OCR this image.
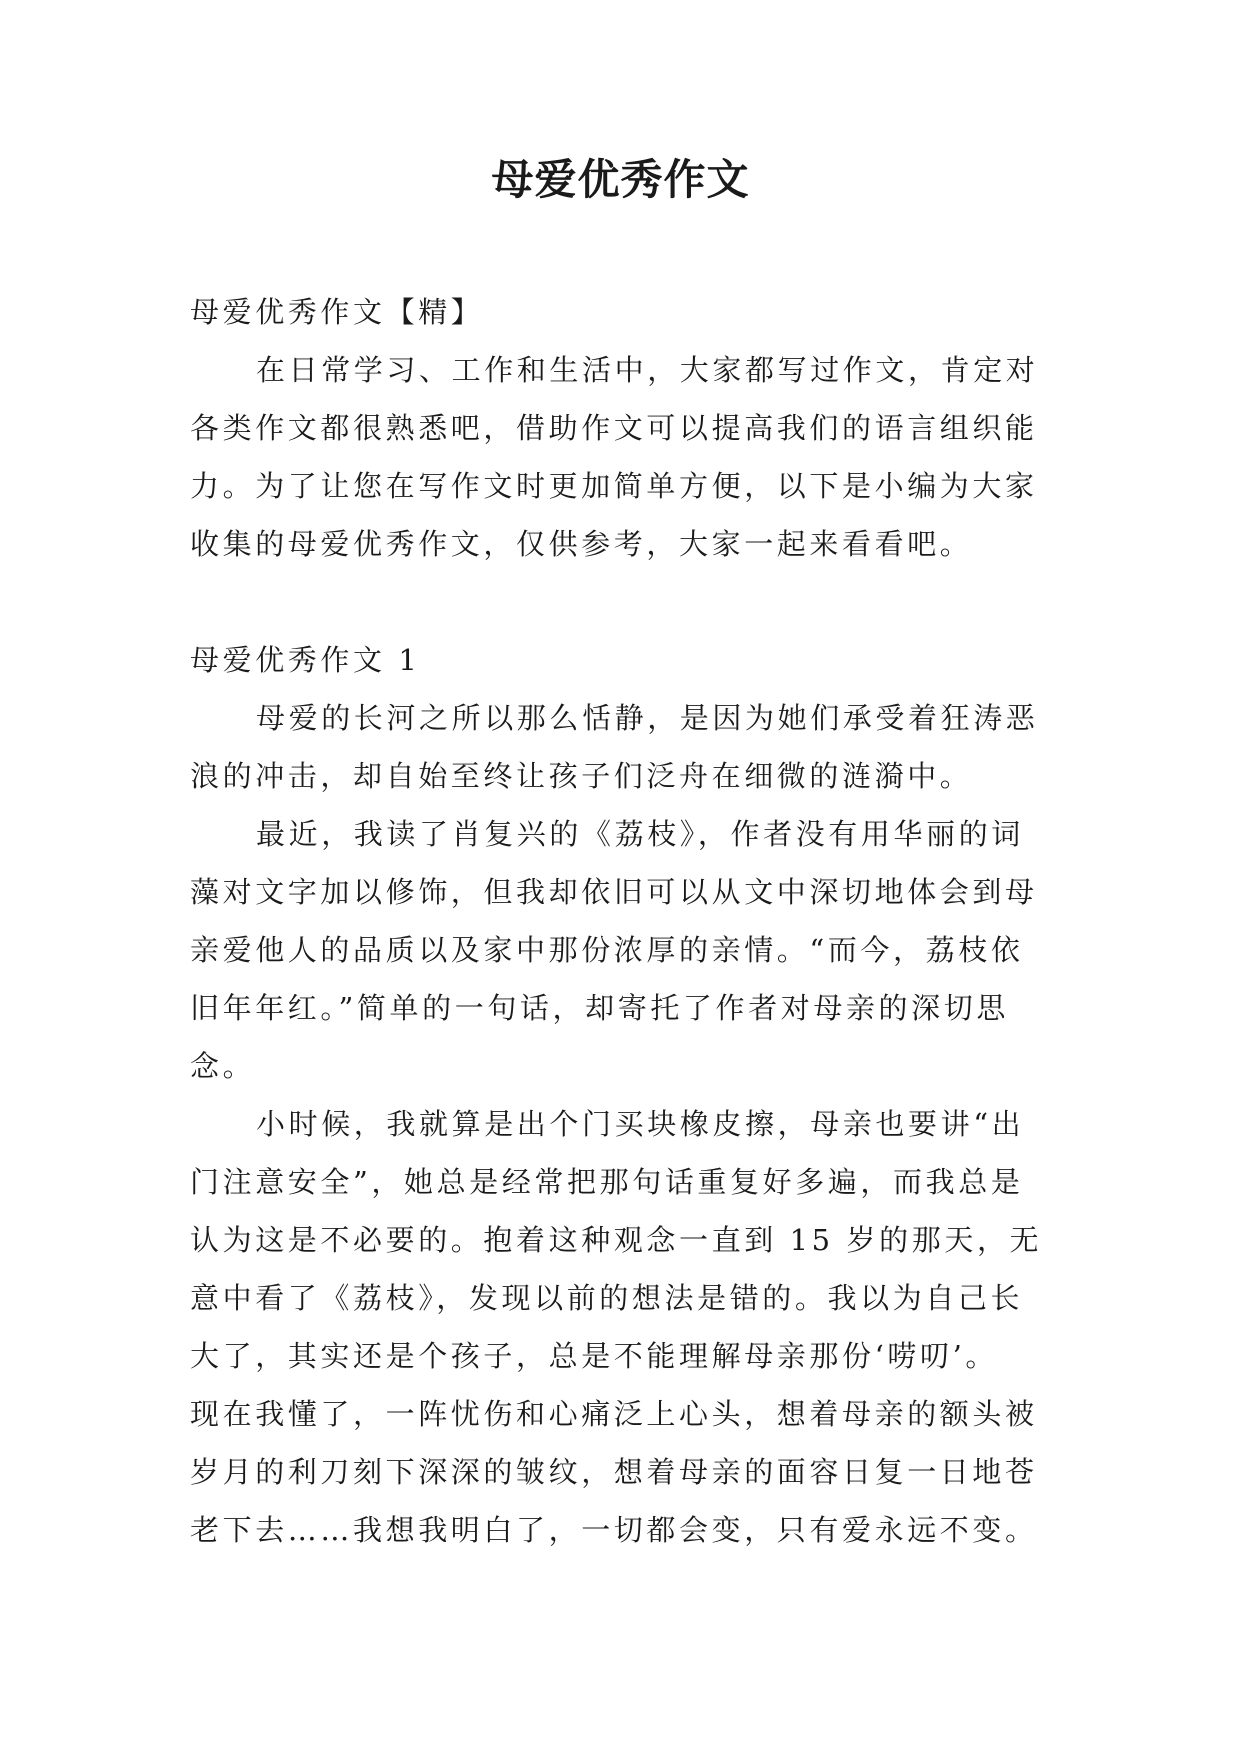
母爱优秀作文
母爱优秀作文【精】
在日常学习、工作和生活中，大家都写过作文，肯定对
各类作文都很熟悉吧，借助作文可以提高我们的语言组织能
力。为了让您在写作文时更加简单方便，以下是小编为大家
收集的母爱优秀作文，仅供参考，大家一起来看看吧。
母爱优秀作文 1
母爱的长河之所以那么恬静，是因为她们承受着狂涛恶
浪的冲击，却自始至终让孩子们泛舟在细微的涟漪中。
最近，我读了肖复兴的《荔枝》，作者没有用华丽的词
藻对文字加以修饰，但我却依旧可以从文中深切地体会到母
亲爱他人的品质以及家中那份浓厚的亲情。“而今，荔枝依
旧年年红。”简单的一句话，却寄托了作者对母亲的深切思
念。
小时候，我就算是出个门买块橡皮擦，母亲也要讲“出
门注意安全”，她总是经常把那句话重复好多遍，而我总是
认为这是不必要的。抱着这种观念一直到 15 岁的那天，无
意中看了《荔枝》，发现以前的想法是错的。我以为自己长
大了，其实还是个孩子，总是不能理解母亲那份‘唠叨’。
现在我懂了，一阵忧伤和心痛泛上心头，想着母亲的额头被
岁月的利刀刻下深深的皱纹，想着母亲的面容日复一日地苍
老下去……我想我明白了，一切都会变，只有爱永远不变。
